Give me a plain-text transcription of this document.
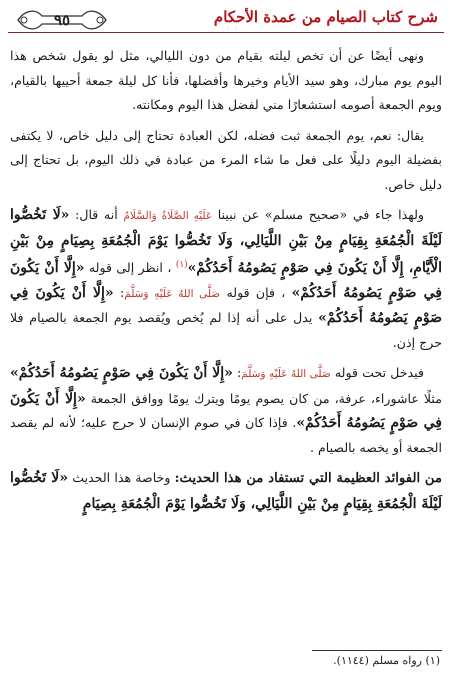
شرح كتاب الصيام من عمدة الأحكام
٩٥

ونهى أيضًا عن أن تخص ليلته بقيام من دون الليالي، مثل لو يقول شخص هذا اليوم يوم مبارك، وهو سيد الأيام وخيرها وأفضلها، فأنا كل ليلة جمعة أحييها بالقيام، ويوم الجمعة أصومه استشعارًا مني لفضل هذا اليوم ومكانته.

يقال: نعم، يوم الجمعة ثبت فضله، لكن العبادة تحتاج إلى دليل خاص، لا يكتفى بفضيلة اليوم دليلًا على فعل ما شاء المرء من عبادة في ذلك اليوم، بل تحتاج إلى دليل خاص.

ولهذا جاء في «صحيح مسلم» عن نبينا عَلَيْهِ الصَّلَاةُ وَالسَّلَامُ أنه قال: «لَا تَخُصُّوا لَيْلَةَ الْجُمُعَةِ بِقِيَامٍ مِنْ بَيْنِ اللَّيَالِي، وَلَا تَخُصُّوا يَوْمَ الْجُمُعَةِ بِصِيَامٍ مِنْ بَيْنِ الْأَيَّامِ، إِلَّا أَنْ يَكُونَ فِي صَوْمٍ يَصُومُهُ أَحَدُكُمْ»$^{(١)}$ ، انظر إلى قوله «إِلَّا أَنْ يَكُونَ فِي صَوْمٍ يَصُومُهُ أَحَدُكُمْ» ، فإن قوله صَلَّى اللهُ عَلَيْهِ وَسَلَّمَ: «إِلَّا أَنْ يَكُونَ فِي صَوْمٍ يَصُومُهُ أَحَدُكُمْ» يدل على أنه إذا لم يُخص ويُقصد يوم الجمعة بالصيام فلا حرج إذن.

فيدخل تحت قوله صَلَّى اللهُ عَلَيْهِ وَسَلَّمَ: «إِلَّا أَنْ يَكُونَ فِي صَوْمٍ يَصُومُهُ أَحَدُكُمْ» مثلًا عاشوراء، عرفة، من كان يصوم يومًا ويترك يومًا ووافق الجمعة «إِلَّا أَنْ يَكُونَ فِي صَوْمٍ يَصُومُهُ أَحَدُكُمْ». فإذا كان في صوم الإنسان لا حرج عليه؛ لأنه لم يقصد الجمعة أو يخصه بالصيام .

من الفوائد العظيمة التي تستفاد من هذا الحديث: وخاصة هذا الحديث «لَا تَخُصُّوا لَيْلَةَ الْجُمُعَةِ بِقِيَامٍ مِنْ بَيْنِ اللَّيَالِي، وَلَا تَخُصُّوا يَوْمَ الْجُمُعَةِ بِصِيَامٍ

(١) رواه مسلم (١١٤٤).
